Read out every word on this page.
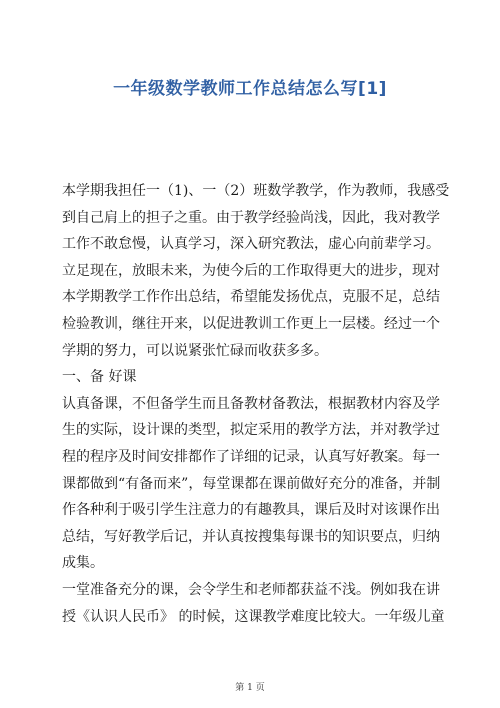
一年级数学教师工作总结怎么写[1]
本学期我担任一（1)、一（2）班数学教学，作为教师，我感受
到自己肩上的担子之重。由于教学经验尚浅，因此，我对教学
工作不敢怠慢，认真学习，深入研究教法，虚心向前辈学习。
立足现在，放眼未来，为使今后的工作取得更大的进步，现对
本学期教学工作作出总结，希望能发扬优点，克服不足，总结
检验教训，继往开来，以促进教训工作更上一层楼。经过一个
学期的努力，可以说紧张忙碌而收获多多。
一、备 好课
认真备课，不但备学生而且备教材备教法，根据教材内容及学
生的实际，设计课的类型，拟定采用的教学方法，并对教学过
程的程序及时间安排都作了详细的记录，认真写好教案。每一
课都做到“有备而来”，每堂课都在课前做好充分的准备，并制
作各种利于吸引学生注意力的有趣教具，课后及时对该课作出
总结，写好教学后记，并认真按搜集每课书的知识要点，归纳
成集。
一堂准备充分的课，会令学生和老师都获益不浅。例如我在讲
授《认识人民币》 的时候，这课教学难度比较大。一年级儿童
第 1 页
